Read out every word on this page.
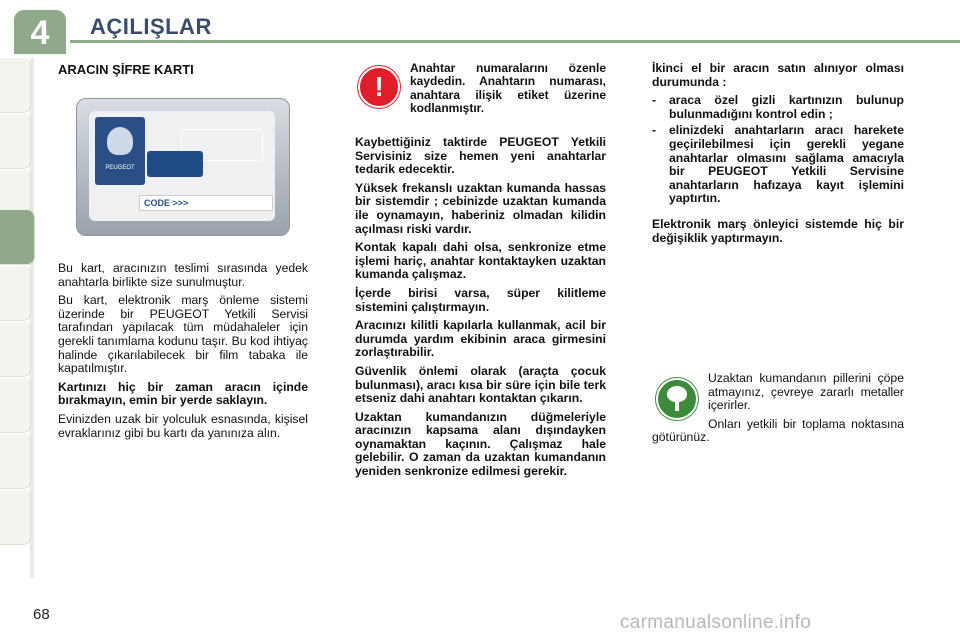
4	AÇILIŞLAR
ARACIN ŞİFRE KARTI
PEUGEOT
CODE >>>

Bu kart, aracınızın teslimi sırasında yedek anahtarla birlikte size sunulmuştur.

Bu kart, elektronik marş önleme sistemi üzerinde bir PEUGEOT Yetkili Servisi tarafından yapılacak tüm müdahaleler için gerekli tanımlama kodunu taşır. Bu kod ihtiyaç halinde çıkarılabilecek bir film tabaka ile kapatılmıştır.

Kartınızı hiç bir zaman aracın içinde bırakmayın, emin bir yerde saklayın.

Evinizden uzak bir yolculuk esnasında, kişisel evraklarınız gibi bu kartı da yanınıza alın.

!
Anahtar numaralarını özenle kaydedin. Anahtarın numarası, anahtara ilişik etiket üzerine kodlanmıştır.

Kaybettiğiniz taktirde PEUGEOT Yetkili Servisiniz size hemen yeni anahtarlar tedarik edecektir.

Yüksek frekanslı uzaktan kumanda hassas bir sistemdir ; cebinizde uzaktan kumanda ile oynamayın, haberiniz olmadan kilidin açılması riski vardır.

Kontak kapalı dahi olsa, senkronize etme işlemi hariç, anahtar kontaktayken uzaktan kumanda çalışmaz.

İçerde birisi varsa, süper kilitleme sistemini çalıştırmayın.

Aracınızı kilitli kapılarla kullanmak, acil bir durumda yardım ekibinin araca girmesini zorlaştırabilir.

Güvenlik önlemi olarak (araçta çocuk bulunması), aracı kısa bir süre için bile terk etseniz dahi anahtarı kontaktan çıkarın.

Uzaktan kumandanızın düğmeleriyle aracınızın kapsama alanı dışındayken oynamaktan kaçının. Çalışmaz hale gelebilir. O zaman da uzaktan kumandanın yeniden senkronize edilmesi gerekir.

İkinci el bir aracın satın alınıyor olması durumunda :

- araca özel gizli kartınızın bulunup bulunmadığını kontrol edin ;
- elinizdeki anahtarların aracı harekete geçirilebilmesi için gerekli yegane anahtarlar olmasını sağlama amacıyla bir PEUGEOT Yetkili Servisine anahtarların hafızaya kayıt işlemini yaptırtın.

Elektronik marş önleyici sistemde hiç bir değişiklik yaptırmayın.

Uzaktan kumandanın pillerini çöpe atmayınız, çevreye zararlı metaller içerirler.

Onları yetkili bir toplama noktasına götürünüz.

68	carmanualsonline.info
